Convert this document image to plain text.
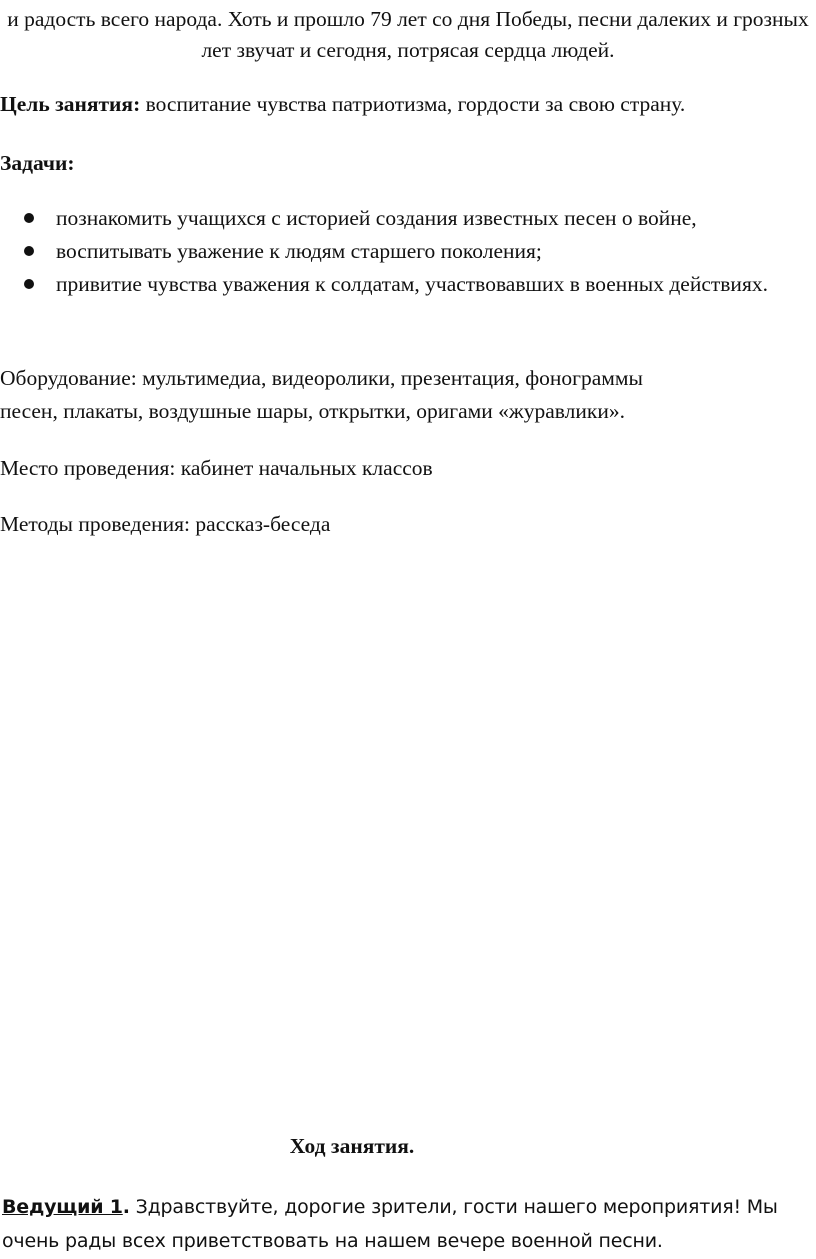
и радость всего народа. Хоть и прошло 79 лет со дня Победы, песни далеких и грозных лет звучат и сегодня, потрясая сердца людей.

Цель занятия: воспитание чувства патриотизма, гордости за свою страну.

Задачи:

познакомить учащихся с историей создания известных песен о войне,
воспитывать уважение к людям старшего поколения;
привитие чувства уважения к солдатам, участвовавших в военных действиях.

Оборудование: мультимедиа, видеоролики, презентация, фонограммы

песен, плакаты, воздушные шары, открытки, оригами «журавлики».

Место проведения: кабинет начальных классов

Методы проведения: рассказ-беседа

Ход занятия.

Ведущий 1. Здравствуйте, дорогие зрители, гости нашего мероприятия! Мы очень рады всех приветствовать на нашем вечере военной песни.
